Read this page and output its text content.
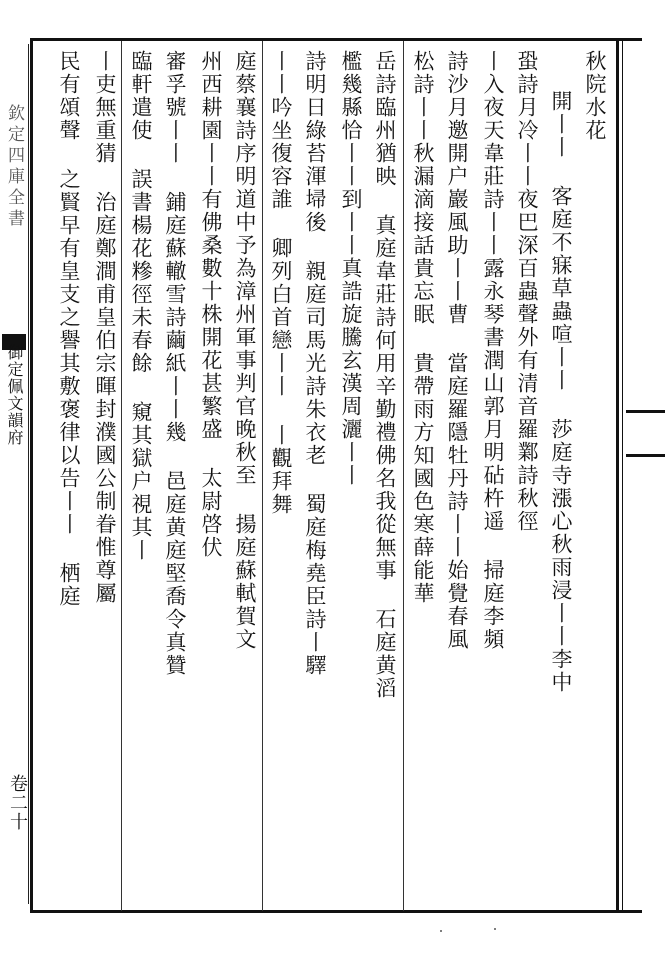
欽定四庫全書
御定佩文韻府
卷二十
秋院水花
開丨丨 客庭不寐草蟲喧丨丨 莎庭寺漲心秋雨浸丨丨李中
蛩詩月冷丨丨夜巴深百蟲聲外有清音羅鄴詩秋徑
丨入夜天韋莊詩丨丨露永琴書潤山郭月明砧杵遥 掃庭李頻
詩沙月邀開户巖風助丨丨曹 當庭羅隱牡丹詩丨丨始覺春風
松詩丨丨秋漏滴接話貴忘眠 貴帶雨方知國色寒薛能華
岳詩臨州猶映 真庭韋莊詩何用辛勤禮佛名我從無事 石庭黄滔
檻幾縣恰丨丨到丨丨真誥旋騰玄漢周灑丨丨
詩明日綠苔渾埽後 親庭司馬光詩朱衣老 蜀庭梅堯臣詩丨驛
丨丨吟坐復容誰 卿列白首戀丨丨 丨觀拜舞
庭蔡襄詩序明道中予為漳州軍事判官晚秋至 揚庭蘇軾賀文
州西耕園丨丨有佛桑數十株開花甚繁盛 太尉啓伏
審孚號丨丨 鋪庭蘇轍雪詩繭紙丨丨幾 邑庭黄庭堅喬令真贊
臨軒遣使 誤書楊花糝徑未春餘 窺其獄户視其丨
丨吏無重猜 治庭鄭澗甫皇伯宗暉封濮國公制眷惟尊屬
民有頌聲 之賢早有皇支之譽其敷褒律以告丨丨 栖庭
